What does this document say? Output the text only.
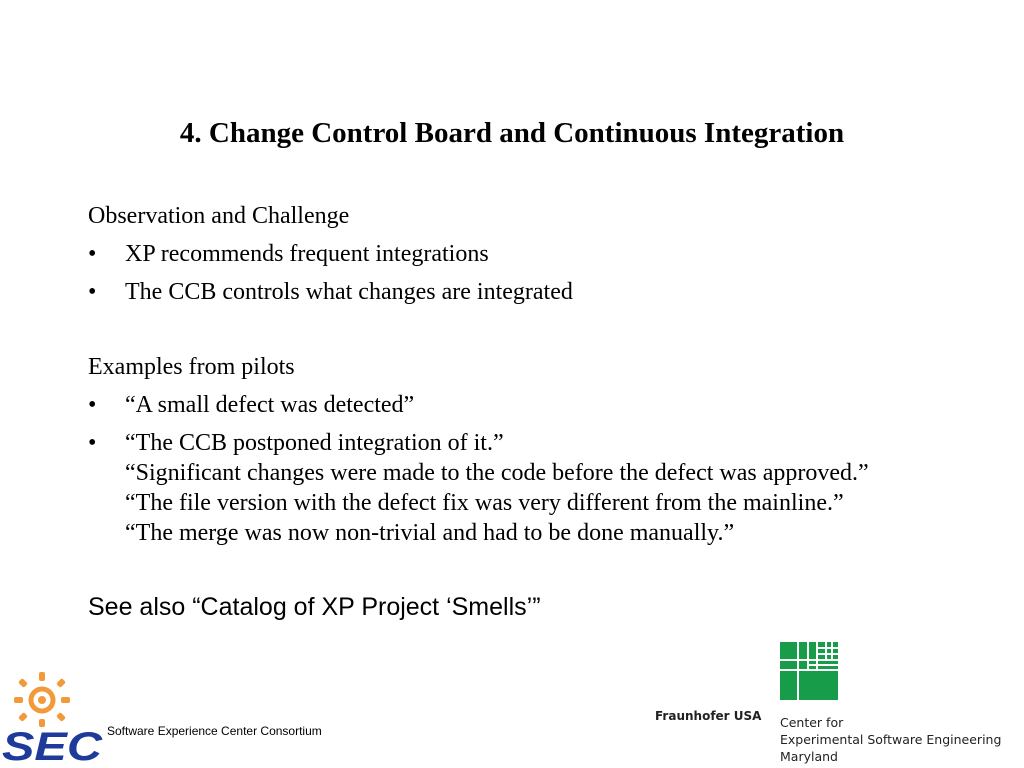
4. Change Control Board and Continuous Integration
Observation and Challenge
• XP recommends frequent integrations
• The CCB controls what changes are integrated
Examples from pilots
• “A small defect was detected”
• “The CCB postponed integration of it.”
“Significant changes were made to the code before the defect was approved.”
“The file version with the defect fix was very different from the mainline.”
“The merge was now non-trivial and had to be done manually.”
See also “Catalog of XP Project ‘Smells’”
SEC Software Experience Center Consortium
Fraunhofer USA Center for
Experimental Software Engineering
Maryland
